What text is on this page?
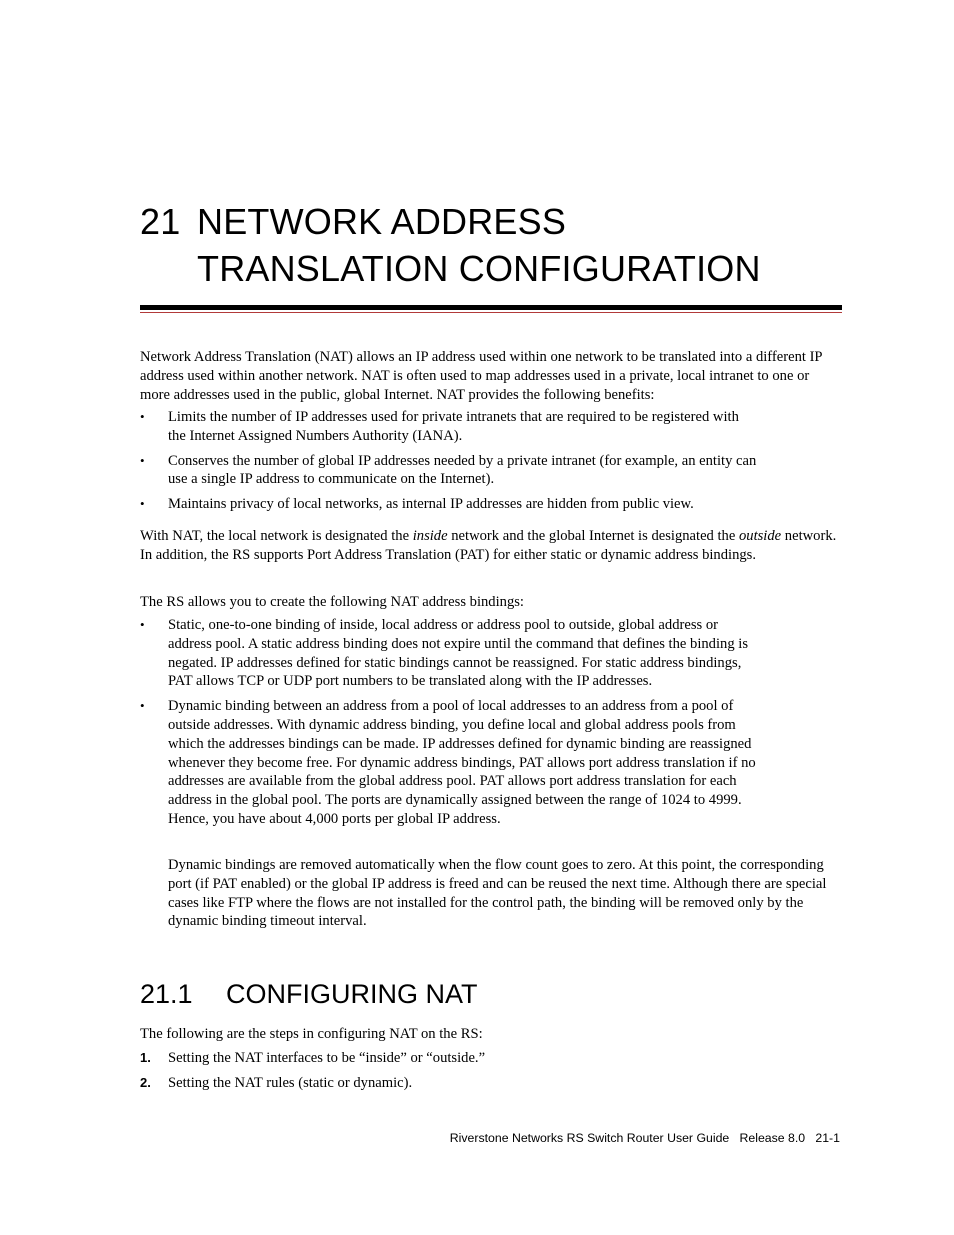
21 NETWORK ADDRESS
TRANSLATION CONFIGURATION

Network Address Translation (NAT) allows an IP address used within one network to be translated into a different IP address used within another network. NAT is often used to map addresses used in a private, local intranet to one or more addresses used in the public, global Internet. NAT provides the following benefits:

• Limits the number of IP addresses used for private intranets that are required to be registered with the Internet Assigned Numbers Authority (IANA).
• Conserves the number of global IP addresses needed by a private intranet (for example, an entity can use a single IP address to communicate on the Internet).
• Maintains privacy of local networks, as internal IP addresses are hidden from public view.

With NAT, the local network is designated the inside network and the global Internet is designated the outside network. In addition, the RS supports Port Address Translation (PAT) for either static or dynamic address bindings.

The RS allows you to create the following NAT address bindings:

• Static, one-to-one binding of inside, local address or address pool to outside, global address or address pool. A static address binding does not expire until the command that defines the binding is negated. IP addresses defined for static bindings cannot be reassigned. For static address bindings, PAT allows TCP or UDP port numbers to be translated along with the IP addresses.
• Dynamic binding between an address from a pool of local addresses to an address from a pool of outside addresses. With dynamic address binding, you define local and global address pools from which the addresses bindings can be made. IP addresses defined for dynamic binding are reassigned whenever they become free. For dynamic address bindings, PAT allows port address translation if no addresses are available from the global address pool. PAT allows port address translation for each address in the global pool. The ports are dynamically assigned between the range of 1024 to 4999. Hence, you have about 4,000 ports per global IP address.

Dynamic bindings are removed automatically when the flow count goes to zero. At this point, the corresponding port (if PAT enabled) or the global IP address is freed and can be reused the next time. Although there are special cases like FTP where the flows are not installed for the control path, the binding will be removed only by the dynamic binding timeout interval.

21.1 CONFIGURING NAT

The following are the steps in configuring NAT on the RS:

1. Setting the NAT interfaces to be “inside” or “outside.”
2. Setting the NAT rules (static or dynamic).
Riverstone Networks RS Switch Router User Guide   Release 8.0   21-1
